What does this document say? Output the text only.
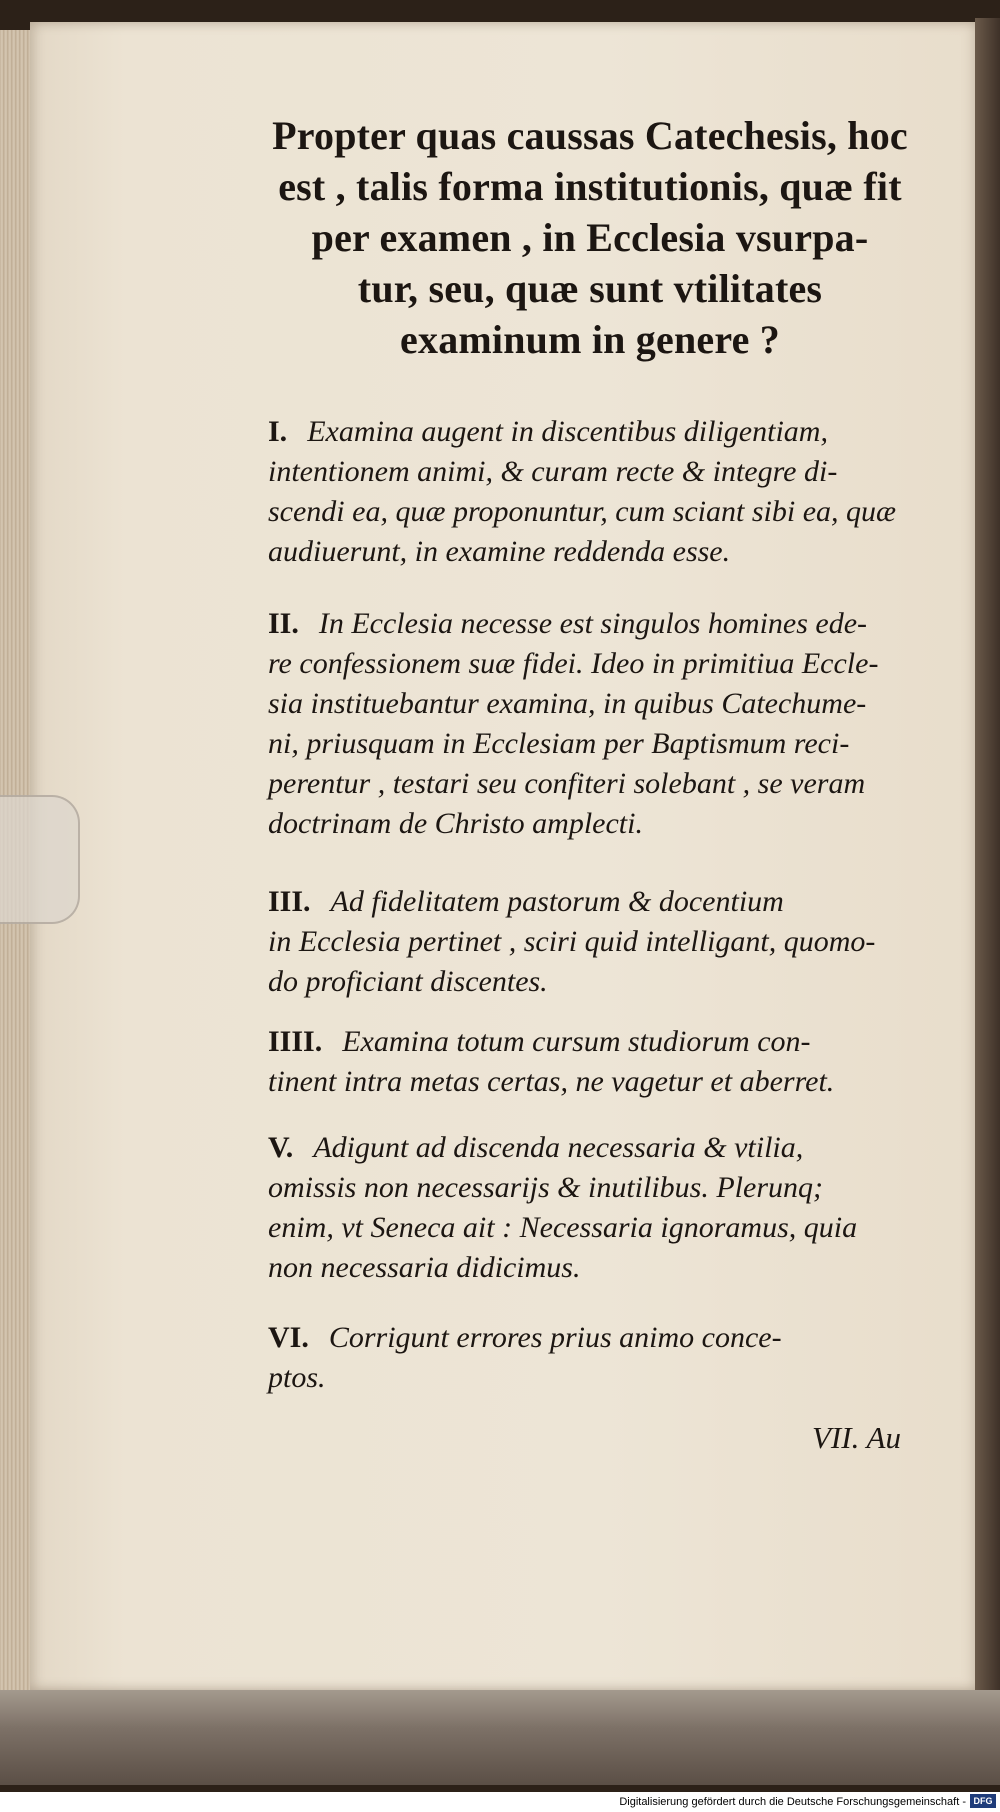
Propter quas caussas Catechesis, hoc
est , talis forma institutionis, quæ fit
per examen , in Ecclesia vsurpa-
tur, seu, quæ sunt vtilitates
examinum in genere ?
I. Examina augent in discentibus diligentiam,
intentionem animi, & curam recte & integre di-
scendi ea, quæ proponuntur, cum sciant sibi ea, quæ
audiuerunt, in examine reddenda esse.
II. In Ecclesia necesse est singulos homines ede-
re confessionem suæ fidei. Ideo in primitiua Eccle-
sia instituebantur examina, in quibus Catechume-
ni, priusquam in Ecclesiam per Baptismum reci-
perentur , testari seu confiteri solebant , se veram
doctrinam de Christo amplecti.
III. Ad fidelitatem pastorum & docentium
in Ecclesia pertinet , sciri quid intelligant, quomo-
do proficiant discentes.
IIII. Examina totum cursum studiorum con-
tinent intra metas certas, ne vagetur et aberret.
V. Adigunt ad discenda necessaria & vtilia,
omissis non necessarijs & inutilibus. Plerunq;
enim, vt Seneca ait : Necessaria ignoramus, quia
non necessaria didicimus.
VI. Corrigunt errores prius animo conce-
ptos.
VII. Au
Digitalisierung gefördert durch die Deutsche Forschungsgemeinschaft - DFG
